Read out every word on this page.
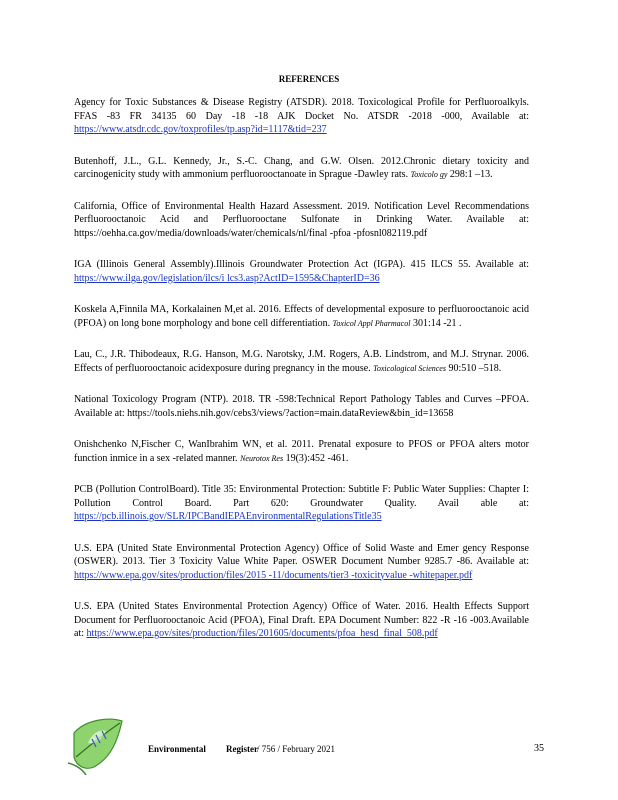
REFERENCES

Agency for Toxic Substances & Disease Registry (ATSDR). 2018. Toxicological Profile for Perfluoroalkyls. FFAS -83 FR 34135 60 Day -18 -18 AJK Docket No. ATSDR -2018 -000, Available at: https://www.atsdr.cdc.gov/toxprofiles/tp.asp?id=1117&tid=237

Butenhoff, J.L., G.L. Kennedy, Jr., S.-C. Chang, and G.W. Olsen. 2012.Chronic dietary toxicity and carcinogenicity study with ammonium perfluorooctanoate in Sprague -Dawley rats. Toxicolo gy 298:1 –13.

California, Office of Environmental Health Hazard Assessment. 2019. Notification Level Recommendations Perfluorooctanoic Acid and Perfluorooctane Sulfonate in Drinking Water. Available at: https://oehha.ca.gov/media/downloads/water/chemicals/nl/final -pfoa -pfosnl082119.pdf

IGA (Illinois General Assembly).Illinois Groundwater Protection Act (IGPA). 415 ILCS 55. Available at: https://www.ilga.gov/legislation/ilcs/i lcs3.asp?ActID=1595&ChapterID=36

Koskela A,Finnila MA, Korkalainen M,et al. 2016. Effects of developmental exposure to perfluorooctanoic acid (PFOA) on long bone morphology and bone cell differentiation. Toxicol Appl Pharmacol 301:14 -21 .

Lau, C., J.R. Thibodeaux, R.G. Hanson, M.G. Narotsky, J.M. Rogers, A.B. Lindstrom, and M.J. Strynar. 2006. Effects of perfluorooctanoic acidexposure during pregnancy in the mouse. Toxicological Sciences 90:510 –518.

National Toxicology Program (NTP). 2018. TR -598:Technical Report Pathology Tables and Curves –PFOA. Available at: https://tools.niehs.nih.gov/cebs3/views/?action=main.dataReview&bin_id=13658

Onishchenko N,Fischer C, WanIbrahim WN, et al. 2011. Prenatal exposure to PFOS or PFOA alters motor function inmice in a sex -related manner. Neurotox Res 19(3):452 -461.

PCB (Pollution ControlBoard). Title 35: Environmental Protection: Subtitle F: Public Water Supplies: Chapter I: Pollution Control Board. Part 620: Groundwater Quality. Avail able at: https://pcb.illinois.gov/SLR/IPCBandIEPAEnvironmentalRegulationsTitle35

U.S. EPA (United State Environmental Protection Agency) Office of Solid Waste and Emer gency Response (OSWER). 2013. Tier 3 Toxicity Value White Paper. OSWER Document Number 9285.7 -86. Available at: https://www.epa.gov/sites/production/files/2015 -11/documents/tier3 -toxicityvalue -whitepaper.pdf

U.S. EPA (United States Environmental Protection Agency) Office of Water. 2016. Health Effects Support Document for Perfluorooctanoic Acid (PFOA), Final Draft. EPA Document Number: 822 -R -16 -003.Available at: https://www.epa.gov/sites/production/files/201605/documents/pfoa_hesd_final_508.pdf

Environmental Register / 756 / February 2021	35
